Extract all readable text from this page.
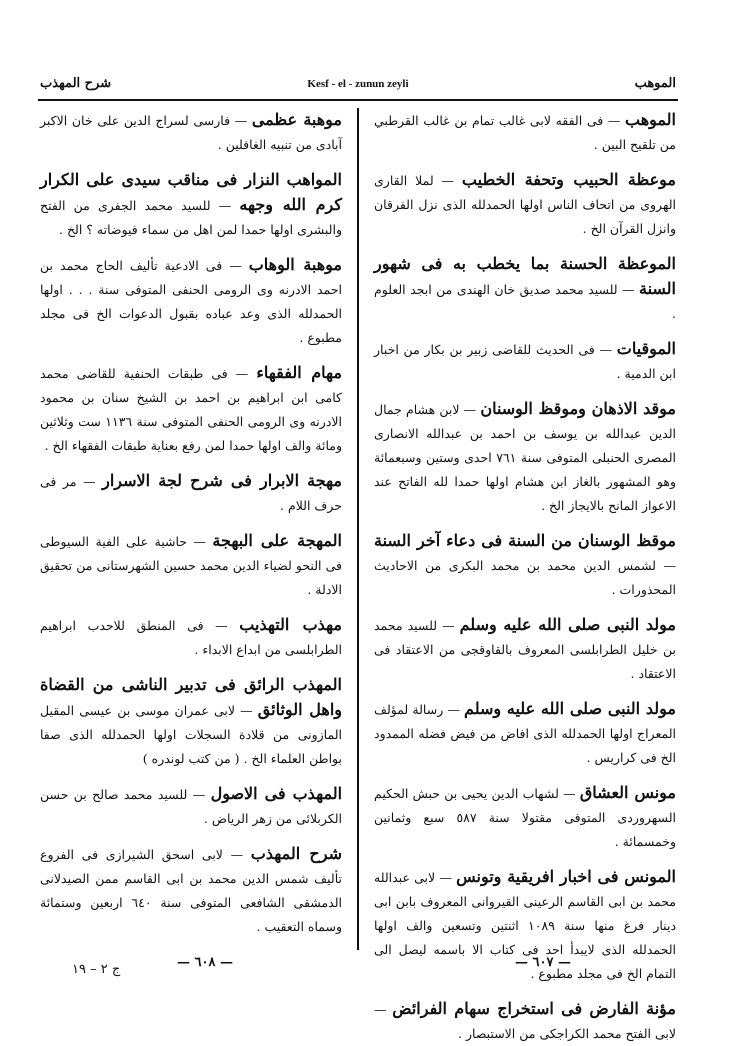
شرح المهذب	Kesf - el - zunun zeyli	الموهب

الموهب — فى الفقه لابى غالب تمام بن غالب القرطبي من تلقيح البين .

موعظة الحبيب وتحفة الخطيب — لملا القارى الهروى من اتحاف الناس اولها الحمدلله الذى نزل الفرقان وانزل القرآن الخ .

الموعظة الحسنة بما يخطب به فى شهور السنة — للسيد محمد صديق خان الهندى من ابجد العلوم .

الموقيات — فى الحديث للقاضى زبير بن بكار من اخبار ابن الدمية .

موقد الاذهان وموقظ الوسنان — لابن هشام جمال الدين عبدالله بن يوسف بن احمد بن عبدالله الانصارى المصرى الحنبلى المتوفى سنة ٧٦١ احدى وستين وسبعمائة وهو المشهور بالغاز ابن هشام اولها حمدا لله الفاتح عند الاعواز المانح بالايجاز الخ .

موقظ الوسنان من السنة فى دعاء آخر السنة — لشمس الدين محمد بن محمد البكرى من الاحاديث المحذورات .

مولد النبى صلى الله عليه وسلم — للسيد محمد بن خليل الطرابلسى المعروف بالقاوقجى من الاعتقاد فى الاعتقاد .

مولد النبى صلى الله عليه وسلم — رسالة لمؤلف المعراج اولها الحمدلله الذى افاض من فيض فضله الممدود الخ فى كراريس .

مونس العشاق — لشهاب الدين يحيى بن حبش الحكيم السهروردى المتوفى مقتولا سنة ٥٨٧ سبع وثمانين وخمسمائة .

المونس فى اخبار افريقية وتونس — لابى عبدالله محمد بن ابى القاسم الرعينى القيروانى المعروف بابن ابى دينار فرغ منها سنة ١٠٨٩ اثنتين وتسعين والف اولها الحمدلله الذى لايبدأ احد فى كتاب الا باسمه ليصل الى التمام الخ فى مجلد مطبوع .

مؤنة الفارض فى استخراج سهام الفرائض — لابى الفتح محمد الكراجكى من الاستبصار .

موهبة عظمى — فارسى لسراج الدين على خان الاكبر آبادى من تنبيه الغافلين .

المواهب النزار فى مناقب سيدى على الكرار كرم الله وجهه — للسيد محمد الجفرى من الفتح والبشرى اولها حمدا لمن اهل من سماء فيوضاته ؟ الخ .

موهبة الوهاب — فى الادعية تأليف الحاج محمد بن احمد الادرنه وى الرومى الحنفى المتوفى سنة . . . اولها الحمدلله الذى وعد عباده بقبول الدعوات الخ فى مجلد مطبوع .

مهام الفقهاء — فى طبقات الحنفية للقاضى محمد كامى ابن ابراهيم بن احمد بن الشيخ سنان بن محمود الادرنه وى الرومى الحنفى المتوفى سنة ١١٣٦ ست وثلاثين ومائة والف اولها حمدا لمن رفع بعناية طبقات الفقهاء الخ .

مهجة الابرار فى شرح لجة الاسرار — مر فى حرف اللام .

المهجة على البهجة — حاشية على الفية السيوطى فى النحو لضياء الدين محمد حسين الشهرستانى من تحقيق الادلة .

مهذب التهذيب — فى المنطق للاحدب ابراهيم الطرابلسى من ابداع الابداء .

المهذب الرائق فى تدبير الناشى من القضاة واهل الوثائق — لابى عمران موسى بن عيسى المقيل المازونى من قلادة السجلات اولها الحمدلله الذى صفا بواطن العلماء الخ . ( من كتب لوندره )

المهذب فى الاصول — للسيد محمد صالح بن حسن الكربلائى من زهر الرياض .

شرح المهذب — لابى اسحق الشيرازى فى الفروع تأليف شمس الدين محمد بن ابى القاسم ممن الصيدلانى الدمشقى الشافعى المتوفى سنة ٦٤٠ اربعين وستمائة وسماه التعقيب .

— ٦٠٧ —
— ٦٠٨ —
ج ٢ – ١٩
